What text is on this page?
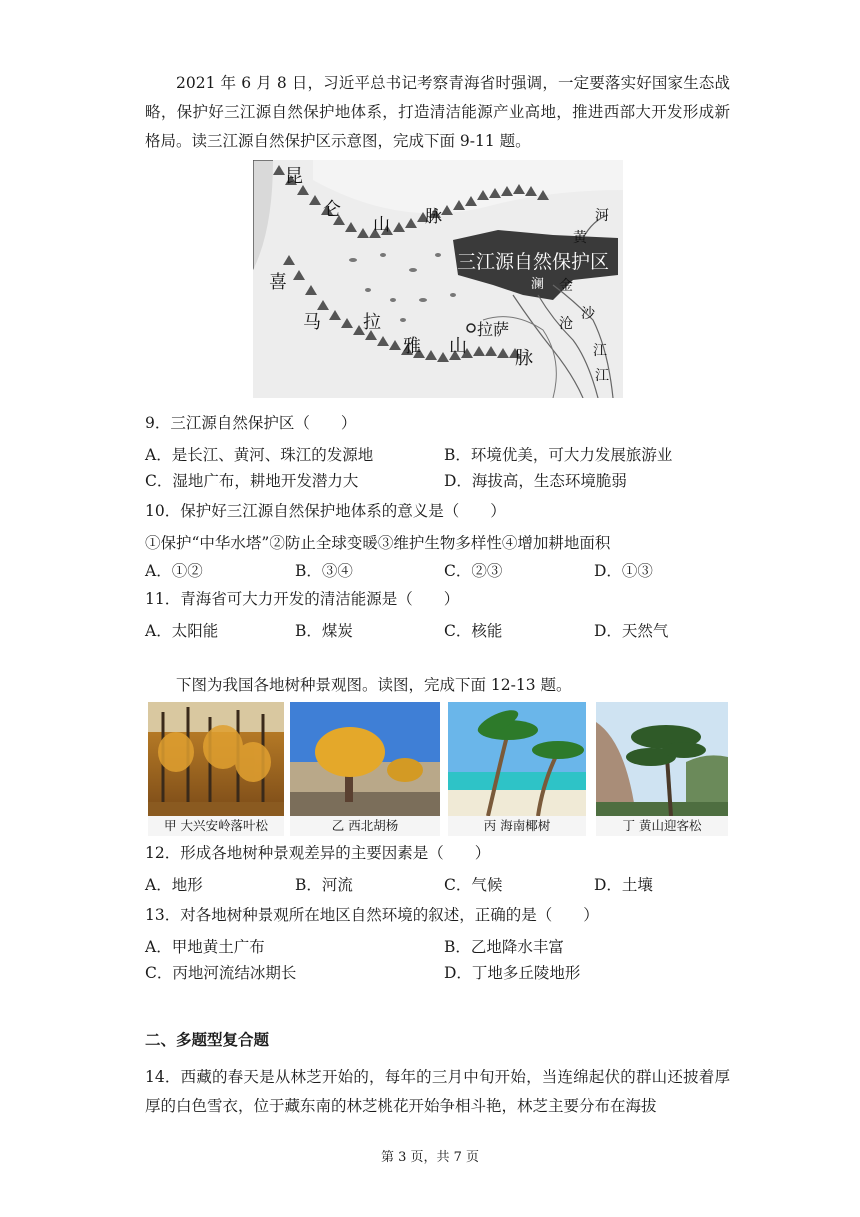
2021 年 6 月 8 日，习近平总书记考察青海省时强调，一定要落实好国家生态战略，保护好三江源自然保护地体系，打造清洁能源产业高地，推进西部大开发形成新格局。读三江源自然保护区示意图，完成下面 9-11 题。
昆
仑
山 脉
喜
马 拉
雅 山
脉
拉萨
三江源自然保护区
澜 金
沙
沧
河
黄
江
江
9．三江源自然保护区（　　）
A．是长江、黄河、珠江的发源地	B．环境优美，可大力发展旅游业
C．湿地广布，耕地开发潜力大	D．海拔高，生态环境脆弱
10．保护好三江源自然保护地体系的意义是（　　）
①保护“中华水塔”②防止全球变暖③维护生物多样性④增加耕地面积
A．①②	B．③④	C．②③	D．①③
11．青海省可大力开发的清洁能源是（　　）
A．太阳能	B．煤炭	C．核能	D．天然气
下图为我国各地树种景观图。读图，完成下面 12-13 题。
甲 大兴安岭落叶松	乙 西北胡杨	丙 海南椰树	丁 黄山迎客松
12．形成各地树种景观差异的主要因素是（　　）
A．地形	B．河流	C．气候	D．土壤
13．对各地树种景观所在地区自然环境的叙述，正确的是（　　）
A．甲地黄土广布	B．乙地降水丰富
C．丙地河流结冰期长	D．丁地多丘陵地形
二、多题型复合题
14．西藏的春天是从林芝开始的，每年的三月中旬开始，当连绵起伏的群山还披着厚厚的白色雪衣，位于藏东南的林芝桃花开始争相斗艳，林芝主要分布在海拔
第 3 页，共 7 页
